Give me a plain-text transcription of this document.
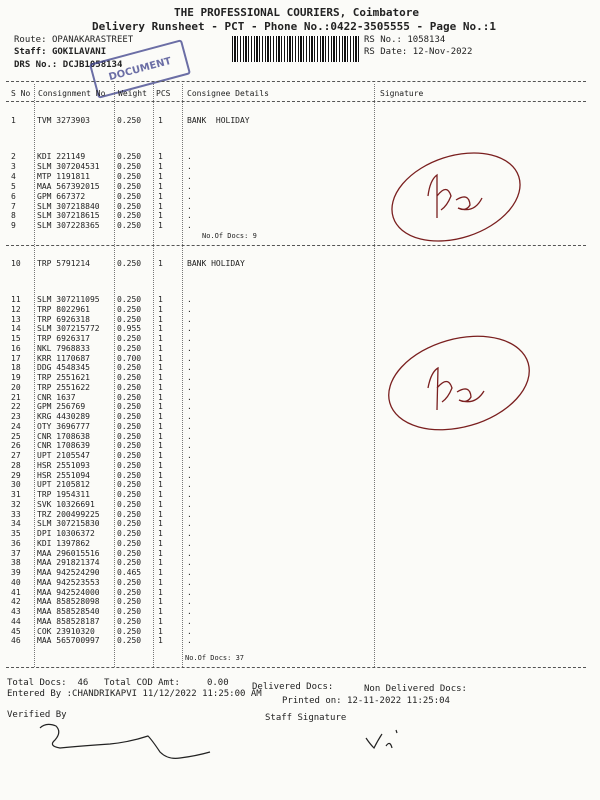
THE PROFESSIONAL COURIERS, Coimbatore
Delivery Runsheet - PCT - Phone No.:0422-3505555 - Page No.:1
Route: OPANAKARASTREET
Staff: GOKILAVANI
DRS No.: DCJB1058134
DOCUMENT
RS No.: 1058134
RS Date: 12-Nov-2022
S No Consignment No Weight PCS Consignee Details	Signature
1	TVM 3273903	0.250 1	BANK  HOLIDAY
2	KDI 221149	0.250 1	.
3	SLM 307204531 0.250 1	.
4	MTP 1191811	0.250 1	.
5	MAA 567392015 0.250 1	.
6	GPM 667372	0.250 1	.
7	SLM 307218840 0.250 1	.
8	SLM 307218615 0.250 1	.
9	SLM 307228365 0.250 1	.
No.Of Docs: 9
10 TRP 5791214	0.250 1	BANK HOLIDAY
11 SLM 307211095 0.250 1	.
12 TRP 8022961	0.250 1	.
13 TRP 6926318	0.250 1	.
14 SLM 307215772 0.955 1	.
15 TRP 6926317	0.250 1	.
16 NKL 7968833	0.250 1	.
17 KRR 1170687	0.700 1	.
18 DDG 4548345	0.250 1	.
19 TRP 2551621	0.250 1	.
20 TRP 2551622	0.250 1	.
21 CNR 1637	0.250 1	.
22 GPM 256769	0.250 1	.
23 KRG 4430289	0.250 1	.
24 OTY 3696777	0.250 1	.
25 CNR 1708638	0.250 1	.
26 CNR 1708639	0.250 1	.
27 UPT 2105547	0.250 1	.
28 HSR 2551093	0.250 1	.
29 HSR 2551094	0.250 1	.
30 UPT 2105812	0.250 1	.
31 TRP 1954311	0.250 1	.
32 SVK 10326691	0.250 1	.
33 TRZ 200499225 0.250 1	.
34 SLM 307215830 0.250 1	.
35 DPI 10306372	0.250 1	.
36 KDI 1397862	0.250 1	.
37 MAA 296015516 0.250 1	.
38 MAA 291821374 0.250 1	.
39 MAA 942524290 0.465 1	.
40 MAA 942523553 0.250 1	.
41 MAA 942524000 0.250 1	.
42 MAA 858528098 0.250 1	.
43 MAA 858528540 0.250 1	.
44 MAA 858528187 0.250 1	.
45 COK 23910320	0.250 1	.
46 MAA 565700997 0.250 1	.
No.Of Docs: 37
Total Docs:  46 Total COD Amt:     0.00	Delivered Docs:	Non Delivered Docs:
Entered By :CHANDRIKAPVI 11/12/2022 11:25:00 AM
Printed on: 12-11-2022 11:25:04
Verified By	Staff Signature
